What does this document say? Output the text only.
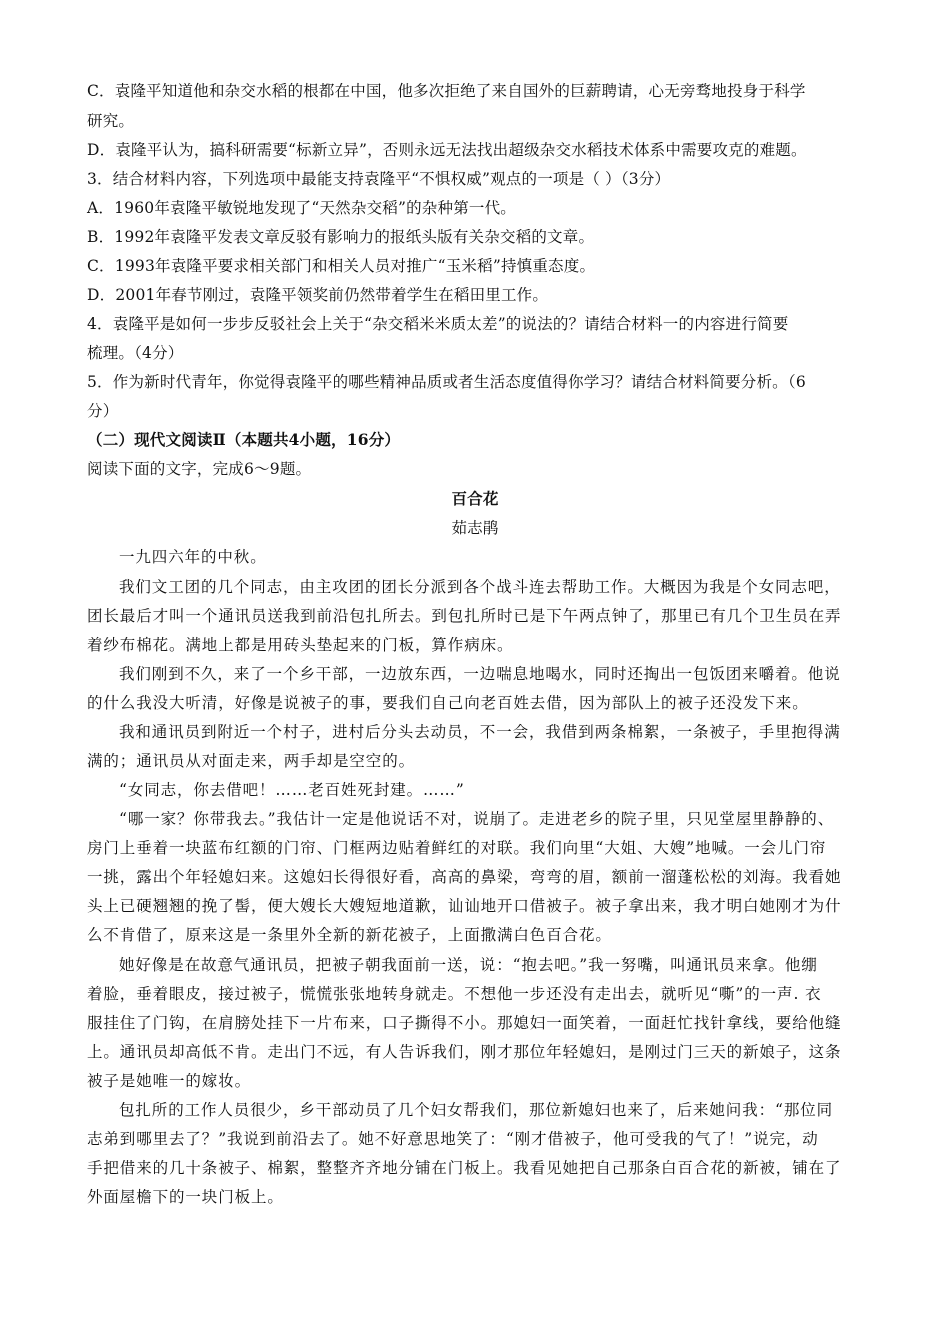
C．袁隆平知道他和杂交水稻的根都在中国，他多次拒绝了来自国外的巨薪聘请，心无旁骛地投身于科学
研究。
D．袁隆平认为，搞科研需要“标新立异”，否则永远无法找出超级杂交水稻技术体系中需要攻克的难题。
3．结合材料内容，下列选项中最能支持袁隆平“不惧权威”观点的一项是（ ）（3分）
A．1960年袁隆平敏锐地发现了“天然杂交稻”的杂种第一代。
B．1992年袁隆平发表文章反驳有影响力的报纸头版有关杂交稻的文章。
C．1993年袁隆平要求相关部门和相关人员对推广“玉米稻”持慎重态度。
D．2001年春节刚过，袁隆平领奖前仍然带着学生在稻田里工作。
4．袁隆平是如何一步步反驳社会上关于“杂交稻米米质太差”的说法的？请结合材料一的内容进行简要
梳理。（4分）
5．作为新时代青年，你觉得袁隆平的哪些精神品质或者生活态度值得你学习？请结合材料简要分析。（6
分）
（二）现代文阅读Ⅱ（本题共4小题，16分）
阅读下面的文字，完成6～9题。
百合花
茹志鹃
一九四六年的中秋。
我们文工团的几个同志，由主攻团的团长分派到各个战斗连去帮助工作。大概因为我是个女同志吧，
团长最后才叫一个通讯员送我到前沿包扎所去。到包扎所时已是下午两点钟了，那里已有几个卫生员在弄
着纱布棉花。满地上都是用砖头垫起来的门板，算作病床。
我们刚到不久，来了一个乡干部，一边放东西，一边喘息地喝水，同时还掏出一包饭团来嚼着。他说
的什么我没大听清，好像是说被子的事，要我们自己向老百姓去借，因为部队上的被子还没发下来。
我和通讯员到附近一个村子，进村后分头去动员，不一会，我借到两条棉絮，一条被子，手里抱得满
满的；通讯员从对面走来，两手却是空空的。
“女同志，你去借吧！……老百姓死封建。……”
“哪一家？你带我去。”我估计一定是他说话不对，说崩了。走进老乡的院子里，只见堂屋里静静的、
房门上垂着一块蓝布红额的门帘、门框两边贴着鲜红的对联。我们向里“大姐、大嫂”地喊。一会儿门帘
一挑，露出个年轻媳妇来。这媳妇长得很好看，高高的鼻梁，弯弯的眉，额前一溜蓬松松的刘海。我看她
头上已硬翘翘的挽了髻，便大嫂长大嫂短地道歉，讪讪地开口借被子。被子拿出来，我才明白她刚才为什
么不肯借了，原来这是一条里外全新的新花被子，上面撒满白色百合花。
她好像是在故意气通讯员，把被子朝我面前一送，说：“抱去吧。”我一努嘴，叫通讯员来拿。他绷
着脸，垂着眼皮，接过被子，慌慌张张地转身就走。不想他一步还没有走出去，就听见“嘶”的一声. 衣
服挂住了门钩，在肩膀处挂下一片布来，口子撕得不小。那媳妇一面笑着，一面赶忙找针拿线，要给他缝
上。通讯员却高低不肯。走出门不远，有人告诉我们，刚才那位年轻媳妇，是刚过门三天的新娘子，这条
被子是她唯一的嫁妆。
包扎所的工作人员很少，乡干部动员了几个妇女帮我们，那位新媳妇也来了，后来她问我：“那位同
志弟到哪里去了？”我说到前沿去了。她不好意思地笑了：“刚才借被子，他可受我的气了！”说完，动
手把借来的几十条被子、棉絮，整整齐齐地分铺在门板上。我看见她把自己那条白百合花的新被，铺在了
外面屋檐下的一块门板上。
